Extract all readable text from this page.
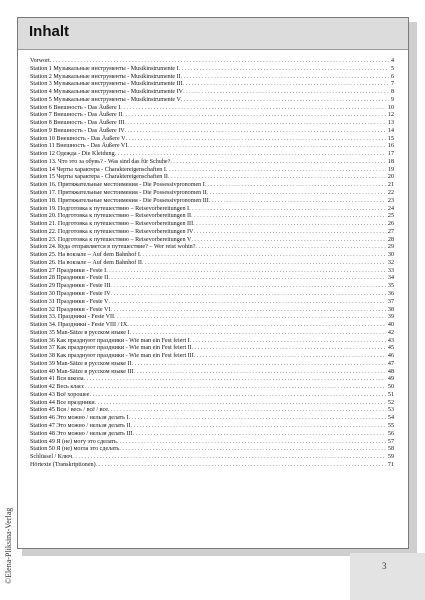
Inhalt
Vorwort . . .	4
Station 1 Музыкальные инструменты - Musikinstrumente I . . .	5
Station 2 Музыкальные инструменты - Musikinstrumente II . . .	6
Station 3 Музыкальные инструменты - Musikinstrumente III . . .	7
Station 4 Музыкальные инструменты - Musikinstrumente IV . . .	8
Station 5 Музыкальные инструменты - Musikinstrumente V . . .	9
Station 6 Внешность - Das Äußere I . . .	10
Station 7 Внешность - Das Äußere II . . .	12
Station 8 Внешность - Das Äußere III . . .	13
Station 9 Внешность - Das Äußere IV . . .	14
Station 10 Внешность - Das Äußere V . . .	15
Station 11 Внешность - Das Äußere VI . . .	16
Station 12 Одежда - Die Kleidung . . .	17
Station 13. Что это за обувь? - Was sind das für Schuhe? . . .	18
Station 14 Черты характера - Charaktereigenschaften I . . .	19
Station 15 Черты характера - Charaktereigenschaften II . . .	20
Station 16. Притяжательные местоимения - Die Possessivpronomen I . . .	21
Station 17. Притяжательные местоимения - Die Possessivpronomen II . . .	22
Station 18. Притяжательные местоимения - Die Possessivpronomen III . . .	23
Station 19. Подготовка к путешествию – Reisevorbereitungen I . . .	24
Station 20. Подготовка к путешествию – Reisevorbereitungen II . . .	25
Station 21. Подготовка к путешествию – Reisevorbereitungen III . . .	26
Station 22. Подготовка к путешествию – Reisevorbereitungen IV . . .	27
Station 23. Подготовка к путешествию – Reisevorbereitungen V . . .	28
Station 24. Куда отправляется в путешествие? – Wer reist wohin? . . .	29
Station 25. На вокзале – Auf dem Bahnhof I . . .	30
Station 26. На вокзале – Auf dem Bahnhof II . . .	32
Station 27 Праздники - Feste I . . .	33
Station 28 Праздники - Feste II . . .	34
Station 29 Праздники - Feste III . . .	35
Station 30 Праздники - Feste IV . . .	36
Station 31 Праздники - Feste V . . .	37
Station 32 Праздники - Feste VI . . .	38
Station 33. Праздники - Feste VII . . .	39
Station 34. Праздники - Feste VIII / IX . . .	40
Station 35 Man-Sätze в русском языке I . . .	42
Station 36 Как празднуют праздники - Wie man ein Fest feiert I . . .	43
Station 37 Как празднуют праздники - Wie man ein Fest feiert II . . .	45
Station 38 Как празднуют праздники - Wie man ein Fest feiert III . . .	46
Station 39 Man-Sätze в русском языке II . . .	47
Station 40 Man-Sätze в русском языке III . . .	48
Station 41 Вся школа . . .	49
Station 42 Весь класс . . .	50
Station 43 Всё хорошее . . .	51
Station 44 Все праздники . . .	52
Station 45 Вся / весь / всё / все . . .	53
Station 46 Это можно / нельзя делать I . . .	54
Station 47 Это можно / нельзя делать II . . .	55
Station 48 Это можно / нельзя делать III . . .	56
Station 49 Я (не) могу это сделать . . .	57
Station 50 Я (не) могла это сделать . . .	58
Schlüssel / Ключ . . .	59
Hörtexte (Transkriptionen) . . .	71
©Elena-Pliksina-Verlag	3
